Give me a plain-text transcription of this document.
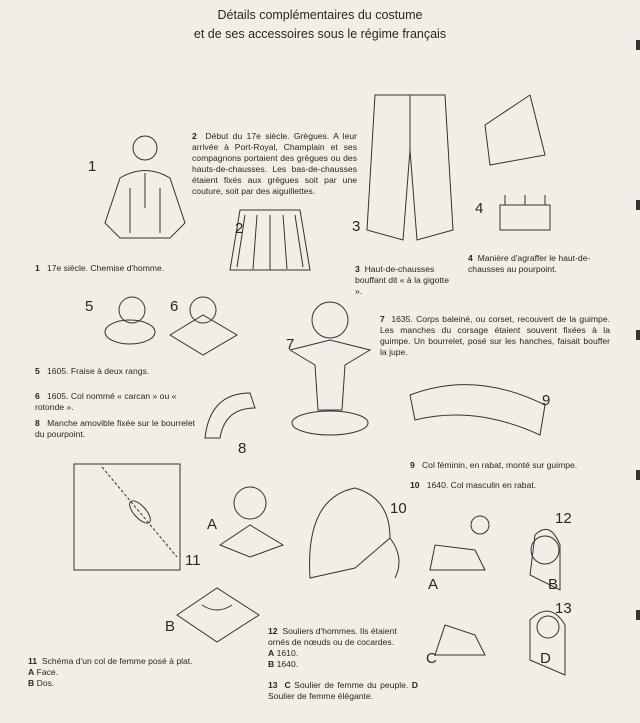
Détails complémentaires du costume
et de ses accessoires sous le régime français
1
2	3
4
5	6
7
8
9
11
A
10
B
12
A	B
13
C	D
2 Début du 17e siècle. Grègues. A leur arrivée à Port-Royal, Champlain et ses compagnons portaient des grègues ou des hauts-de-chausses. Les bas-de-chausses étaient fixés aux grègues soit par une couture, soit par des aiguillettes.
1 17e siècle. Chemise d'homme.	3 Haut-de-chausses bouffant dit « à la gigotte ».
4 Manière d'agraffer le haut-de-chausses au pourpoint.
5 1605. Fraise à deux rangs.
6 1605. Col nommé « carcan » ou « rotonde ».
8 Manche amovible fixée sur le bourrelet du pourpoint.
7 1635. Corps baleiné, ou corset, recouvert de la guimpe. Les manches du corsage étaient souvent fixées à la guimpe. Un bourrelet, posé sur les hanches, faisait bouffer la jupe.
9 Col féminin, en rabat, monté sur guimpe.
10 1640. Col masculin en rabat.
11 Schéma d'un col de femme posé à plat.
A Face.
B Dos.
12 Souliers d'hommes. Ils étaient ornés de nœuds ou de cocardes.
A 1610.
B 1640.
13 C Soulier de femme du peuple. D Soulier de femme élégante.
